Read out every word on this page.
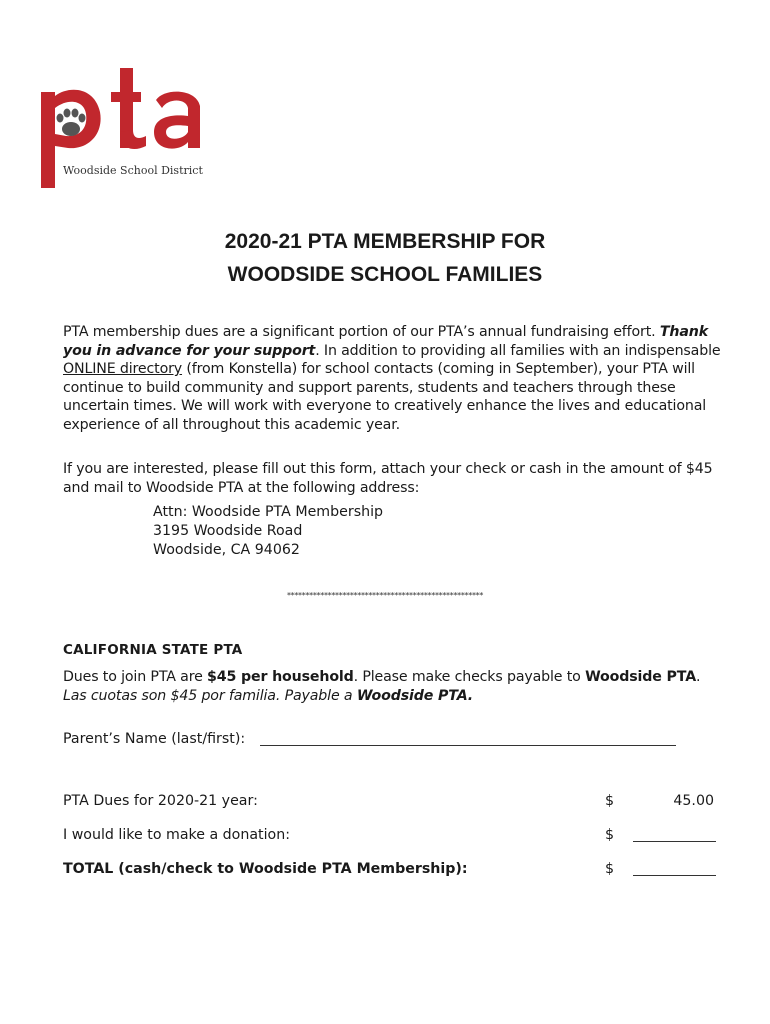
Woodside School District
2020-21 PTA MEMBERSHIP FOR
WOODSIDE SCHOOL FAMILIES
PTA membership dues are a significant portion of our PTA’s annual fundraising effort. Thank you in advance for your support. In addition to providing all families with an indispensable ONLINE directory (from Konstella) for school contacts (coming in September), your PTA will continue to build community and support parents, students and teachers through these uncertain times. We will work with everyone to creatively enhance the lives and educational experience of all throughout this academic year.
If you are interested, please fill out this form, attach your check or cash in the amount of $45 and mail to Woodside PTA at the following address:
Attn: Woodside PTA Membership
3195 Woodside Road
Woodside, CA 94062
*****************************************************
CALIFORNIA STATE PTA
Dues to join PTA are $45 per household. Please make checks payable to Woodside PTA. Las cuotas son $45 por familia. Payable a Woodside PTA.
Parent’s Name (last/first):
PTA Dues for 2020-21 year:	$	45.00
I would like to make a donation:	$
TOTAL (cash/check to Woodside PTA Membership):	$
